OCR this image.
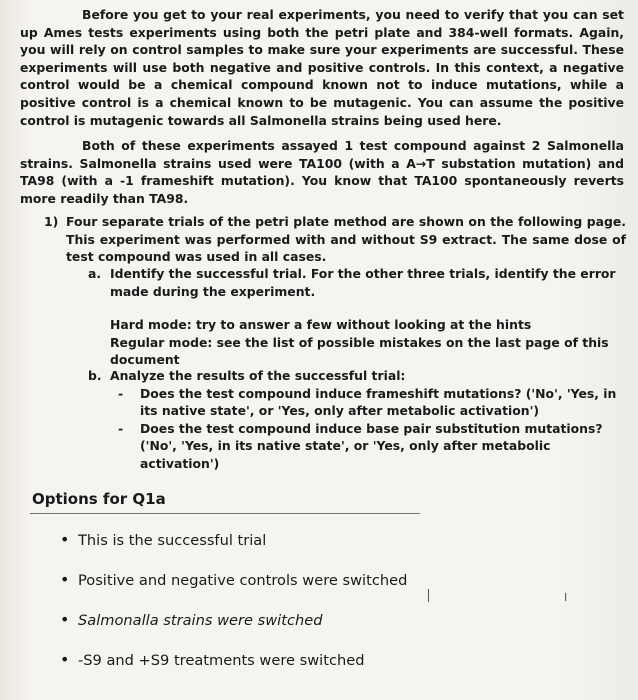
Before you get to your real experiments, you need to verify that you can set up Ames tests experiments using both the petri plate and 384-well formats. Again, you will rely on control samples to make sure your experiments are successful. These experiments will use both negative and positive controls. In this context, a negative control would be a chemical compound known not to induce mutations, while a positive control is a chemical known to be mutagenic. You can assume the positive control is mutagenic towards all Salmonella strains being used here.

Both of these experiments assayed 1 test compound against 2 Salmonella strains. Salmonella strains used were TA100 (with a A→T substation mutation) and TA98 (with a -1 frameshift mutation). You know that TA100 spontaneously reverts more readily than TA98.

1) Four separate trials of the petri plate method are shown on the following page. This experiment was performed with and without S9 extract. The same dose of test compound was used in all cases.
a. Identify the successful trial. For the other three trials, identify the error made during the experiment.
Hard mode: try to answer a few without looking at the hints
Regular mode: see the list of possible mistakes on the last page of this document
b. Analyze the results of the successful trial:
- Does the test compound induce frameshift mutations? ('No', 'Yes, in its native state', or 'Yes, only after metabolic activation')
- Does the test compound induce base pair substitution mutations? ('No', 'Yes, in its native state', or 'Yes, only after metabolic activation')
Options for Q1a
• This is the successful trial
• Positive and negative controls were switched
• Salmonalla strains were switched
• -S9 and +S9 treatments were switched
I
